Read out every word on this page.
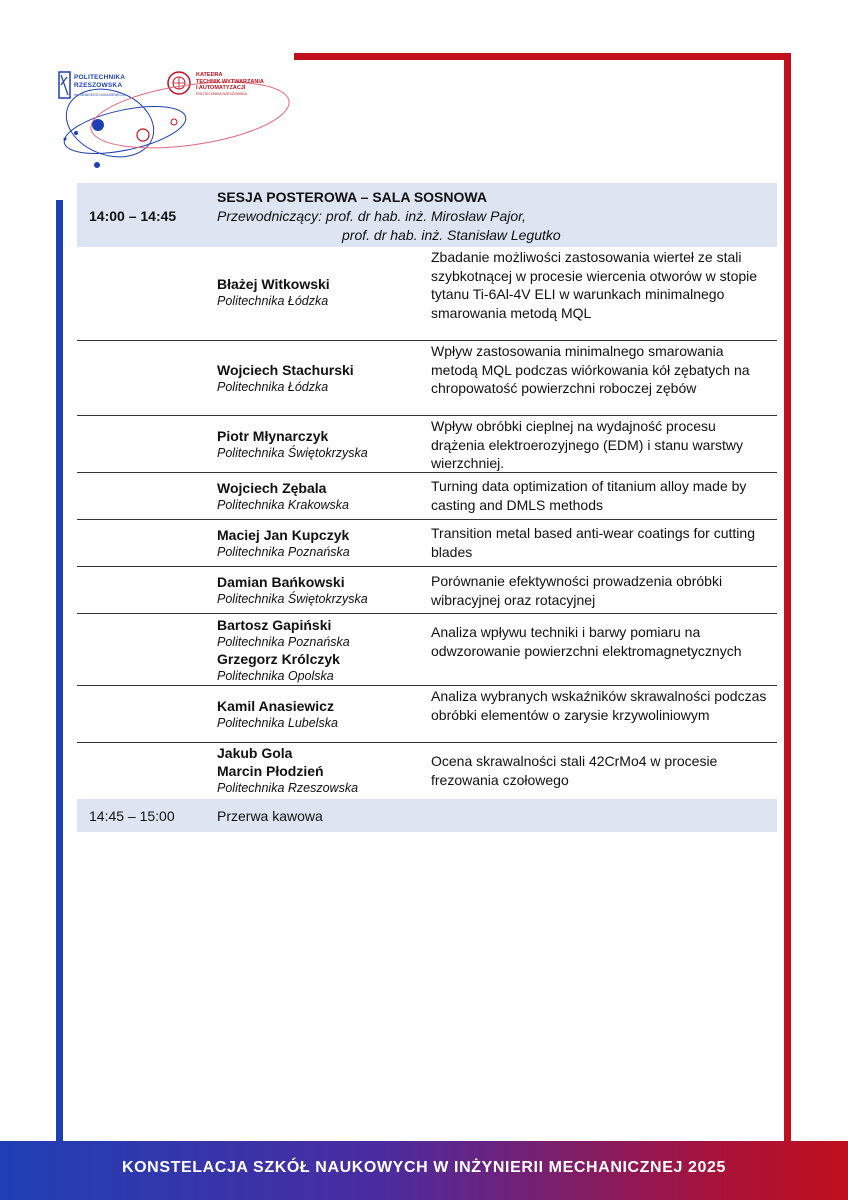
POLITECHNIKA
RZESZOWSKA
im. IGNACEGO ŁUKASIEWICZA
KATEDRA
TECHNIK WYTWARZANIA
I AUTOMATYZACJI
POLITECHNIKA RZESZOWSKA
14:00 – 14:45
SESJA POSTEROWA – SALA SOSNOWA
Przewodniczący: prof. dr hab. inż. Mirosław Pajor,
prof. dr hab. inż. Stanisław Legutko
Błażej Witkowski
Politechnika Łódzka
Zbadanie możliwości zastosowania wierteł ze stali szybkotnącej w procesie wiercenia otworów w stopie tytanu Ti-6Al-4V ELI w warunkach minimalnego smarowania metodą MQL
Wojciech Stachurski
Politechnika Łódzka
Wpływ zastosowania minimalnego smarowania metodą MQL podczas wiórkowania kół zębatych na chropowatość powierzchni roboczej zębów
Piotr Młynarczyk
Politechnika Świętokrzyska
Wpływ obróbki cieplnej na wydajność procesu drążenia elektroerozyjnego (EDM) i stanu warstwy wierzchniej.
Wojciech Zębala
Politechnika Krakowska
Turning data optimization of titanium alloy made by casting and DMLS methods
Maciej Jan Kupczyk
Politechnika Poznańska
Transition metal based anti-wear coatings for cutting blades
Damian Bańkowski
Politechnika Świętokrzyska
Porównanie efektywności prowadzenia obróbki wibracyjnej oraz rotacyjnej
Bartosz Gapiński
Politechnika Poznańska
Grzegorz Królczyk
Politechnika Opolska
Analiza wpływu techniki i barwy pomiaru na odwzorowanie powierzchni elektromagnetycznych
Kamil Anasiewicz
Politechnika Lubelska
Analiza wybranych wskaźników skrawalności podczas obróbki elementów o zarysie krzywoliniowym
Jakub Gola
Marcin Płodzień
Politechnika Rzeszowska
Ocena skrawalności stali 42CrMo4 w procesie frezowania czołowego
14:45 – 15:00	Przerwa kawowa
KONSTELACJA SZKÓŁ NAUKOWYCH W INŻYNIERII MECHANICZNEJ 2025
